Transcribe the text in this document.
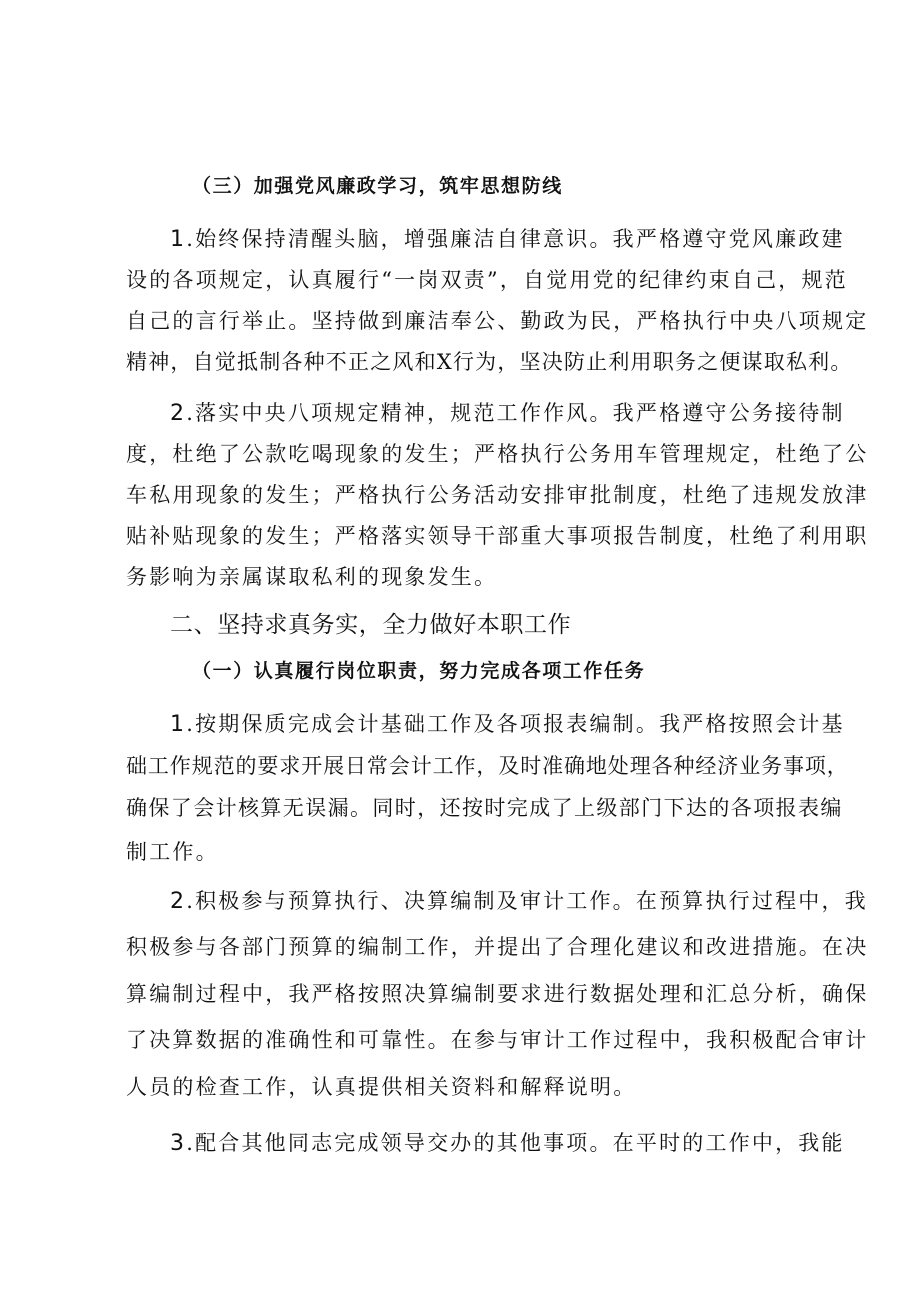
（三）加强党风廉政学习，筑牢思想防线
1.始终保持清醒头脑，增强廉洁自律意识。我严格遵守党风廉政建
设的各项规定，认真履行“一岗双责”，自觉用党的纪律约束自己，规范
自己的言行举止。坚持做到廉洁奉公、勤政为民，严格执行中央八项规定
精神，自觉抵制各种不正之风和X行为，坚决防止利用职务之便谋取私利。
2.落实中央八项规定精神，规范工作作风。我严格遵守公务接待制
度，杜绝了公款吃喝现象的发生；严格执行公务用车管理规定，杜绝了公
车私用现象的发生；严格执行公务活动安排审批制度，杜绝了违规发放津
贴补贴现象的发生；严格落实领导干部重大事项报告制度，杜绝了利用职
务影响为亲属谋取私利的现象发生。
二、坚持求真务实，全力做好本职工作
（一）认真履行岗位职责，努力完成各项工作任务
1.按期保质完成会计基础工作及各项报表编制。我严格按照会计基
础工作规范的要求开展日常会计工作，及时准确地处理各种经济业务事项，
确保了会计核算无误漏。同时，还按时完成了上级部门下达的各项报表编
制工作。
2.积极参与预算执行、决算编制及审计工作。在预算执行过程中，我
积极参与各部门预算的编制工作，并提出了合理化建议和改进措施。在决
算编制过程中，我严格按照决算编制要求进行数据处理和汇总分析，确保
了决算数据的准确性和可靠性。在参与审计工作过程中，我积极配合审计
人员的检查工作，认真提供相关资料和解释说明。
3.配合其他同志完成领导交办的其他事项。在平时的工作中，我能
